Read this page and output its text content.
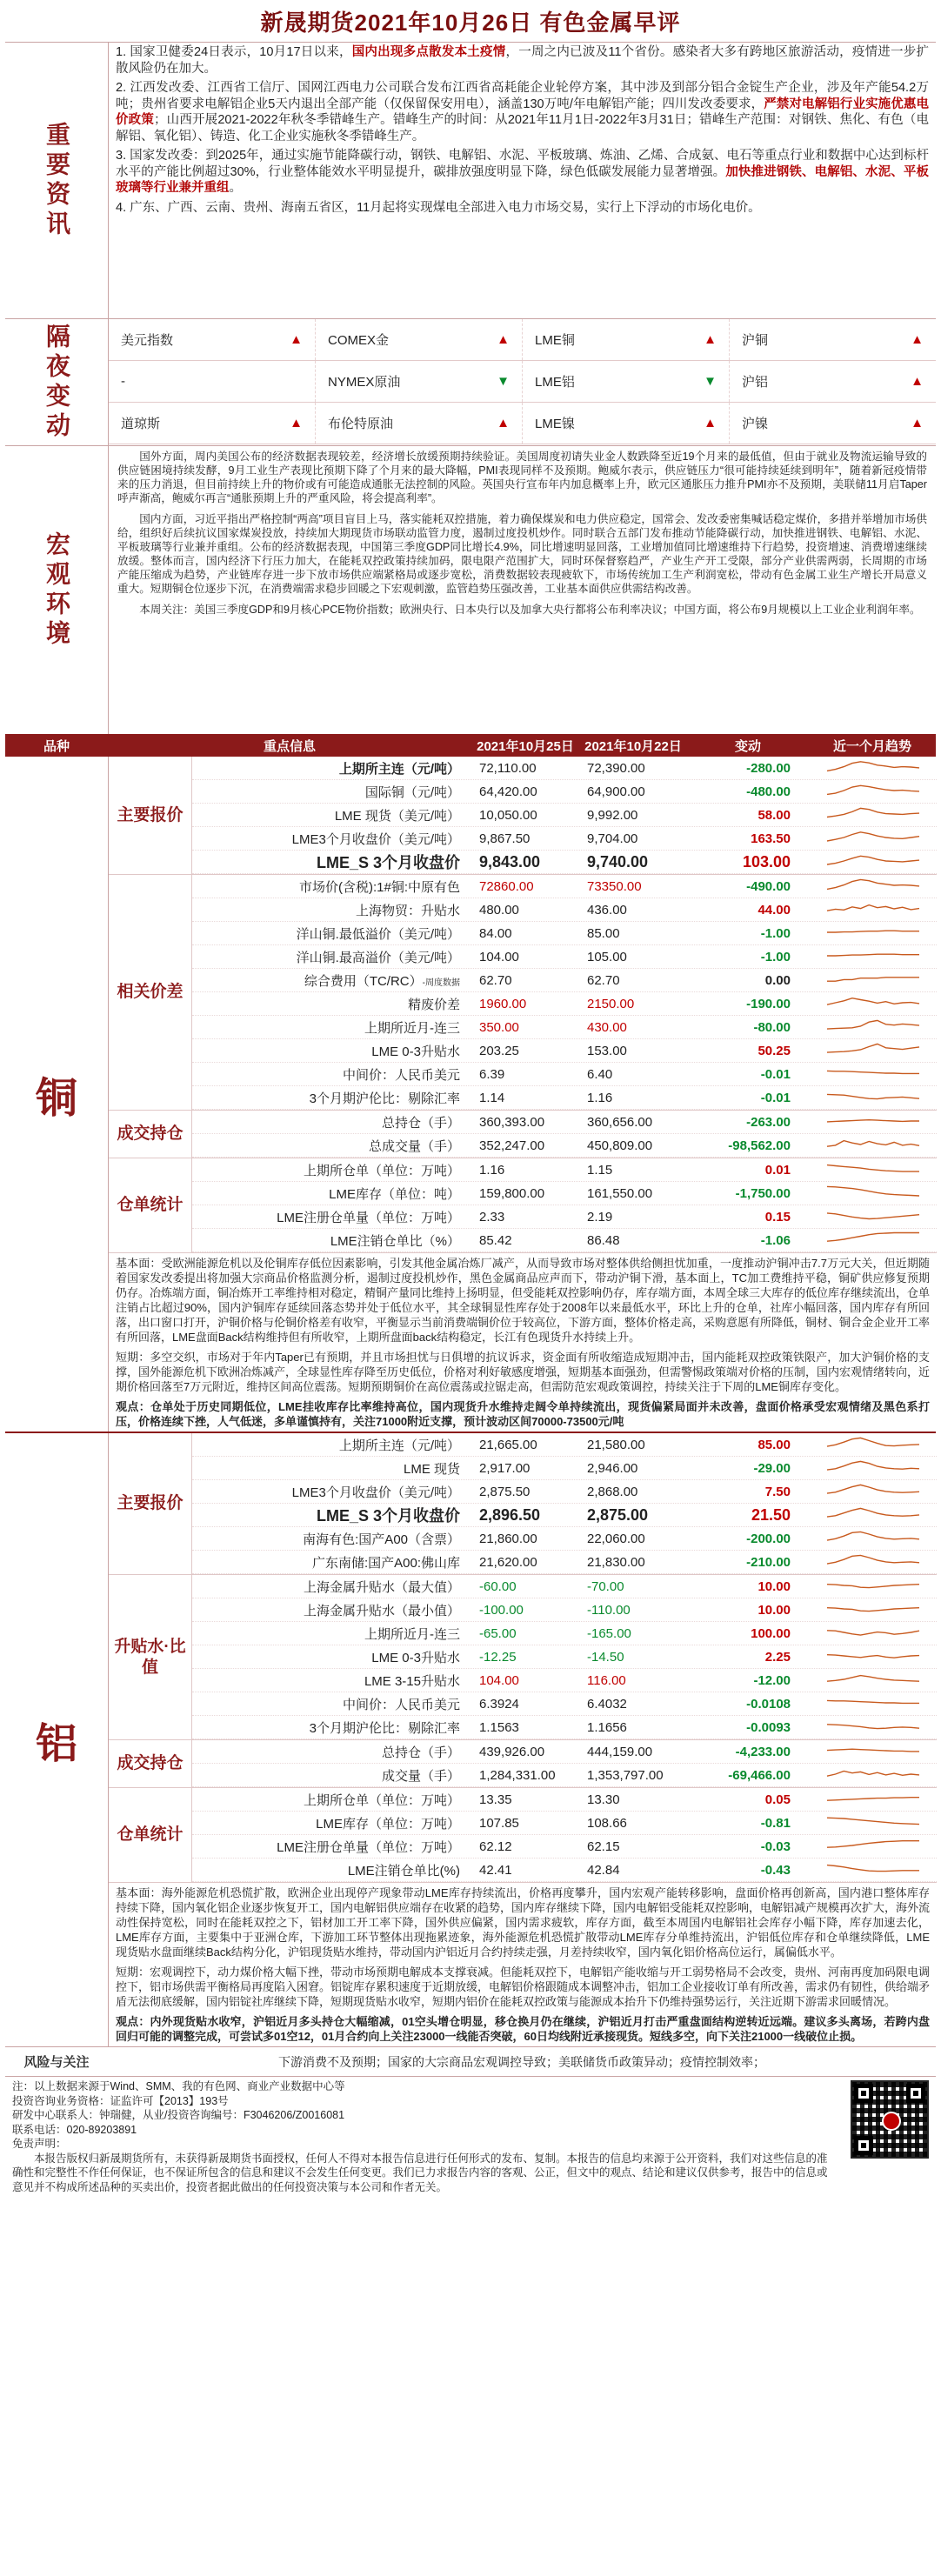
新晟期货2021年10月26日 有色金属早评
重要资讯

1. 国家卫健委24日表示，10月17日以来，国内出现多点散发本土疫情，一周之内已波及11个省份。感染者大多有跨地区旅游活动，疫情进一步扩散风险仍在加大。

2. 江西发改委、江西省工信厅、国网江西电力公司联合发布江西省高耗能企业轮停方案，其中涉及到部分铝合金锭生产企业，涉及年产能54.2万吨；贵州省要求电解铝企业5天内退出全部产能（仅保留保安用电），涵盖130万吨/年电解铝产能；四川发改委要求，严禁对电解铝行业实施优惠电价政策；山西开展2021-2022年秋冬季错峰生产。错峰生产的时间：从2021年11月1日-2022年3月31日；错峰生产范围：对钢铁、焦化、有色（电解铝、氧化铝）、铸造、化工企业实施秋冬季错峰生产。

3. 国家发改委：到2025年，通过实施节能降碳行动，钢铁、电解铝、水泥、平板玻璃、炼油、乙烯、合成氨、电石等重点行业和数据中心达到标杆水平的产能比例超过30%，行业整体能效水平明显提升，碳排放强度明显下降，绿色低碳发展能力显著增强。加快推进钢铁、电解铝、水泥、平板玻璃等行业兼并重组。

4. 广东、广西、云南、贵州、海南五省区，11月起将实现煤电全部进入电力市场交易，实行上下浮动的市场化电价。

隔夜变动	美元指数	▲ COMEX金	▲ LME铜	▲ 沪铜	▲
-	NYMEX原油	▼ LME铝	▼ 沪铝	▲
道琼斯	▲ 布伦特原油	▲ LME镍	▲ 沪镍	▲
宏观环境

国外方面，周内美国公布的经济数据表现较差，经济增长放缓预期持续验证。美国周度初请失业金人数跌降至近19个月来的最低值，但由于就业及物流运输导致的供应链困境持续发酵，9月工业生产表现比预期下降了个月来的最大降幅，PMI表现同样不及预期。鲍威尔表示，供应链压力“很可能持续延续到明年”，随着新冠疫情带来的压力消退，但目前持续上升的物价或有可能造成通胀无法控制的风险。英国央行宣布年内加息概率上升，欧元区通胀压力推升PMI亦不及预期，美联储11月启Taper呼声渐高，鲍威尔再言“通胀预期上升的严重风险，将会提高利率”。

国内方面，习近平指出严格控制“两高”项目盲目上马，落实能耗双控措施，着力确保煤炭和电力供应稳定，国常会、发改委密集喊话稳定煤价，多措并举增加市场供给，组织好后续抗议国家煤炭投放，持续加大期现货市场联动监管力度，遏制过度投机炒作。同时联合五部门发布推动节能降碳行动，加快推进钢铁、电解铝、水泥、平板玻璃等行业兼并重组。公布的经济数据表现，中国第三季度GDP同比增长4.9%，同比增速明显回落，工业增加值同比增速维持下行趋势，投资增速、消费增速继续放缓。整体而言，国内经济下行压力加大，在能耗双控政策持续加码，限电限产范围扩大，同时环保督察趋严，产业生产开工受限，部分产业供需两弱，长周期的市场产能压缩成为趋势，产业链库存进一步下放市场供应端紧格局或逐步宽松，消费数据较表现疲软下，市场传统加工生产利润宽松，带动有色金属工业生产增长开局意义重大。短期铜仓位逐步下沉，在消费端需求稳步回暖之下宏观刺激，监管趋势压强改善，工业基本面供应供需结构改善。

本周关注：美国三季度GDP和9月核心PCE物价指数；欧洲央行、日本央行以及加拿大央行都将公布利率决议；中国方面，将公布9月规模以上工业企业利润年率。

品种	重点信息	2021年10月25日 2021年10月22日	变动	近一个月趋势
铜
主要报价
上期所主连（元/吨）	72,110.00	72,390.00	-280.00
国际铜（元/吨）	64,420.00	64,900.00	-480.00
LME 现货（美元/吨）	10,050.00	9,992.00	58.00
LME3个月收盘价（美元/吨）	9,867.50	9,704.00	163.50
LME_S 3个月收盘价	9,843.00	9,740.00	103.00
相关价差
市场价(含税):1#铜:中原有色	72860.00	73350.00	-490.00
上海物贸：升贴水	480.00	436.00	44.00
洋山铜.最低溢价（美元/吨）	84.00	85.00	-1.00
洋山铜.最高溢价（美元/吨）	104.00	105.00	-1.00
综合费用（TC/RC）-周度数据	62.70	62.70	0.00
精废价差	1960.00	2150.00	-190.00
上期所近月-连三	350.00	430.00	-80.00
LME 0-3升贴水	203.25	153.00	50.25
中间价：人民币美元	6.39	6.40	-0.01
3个月期沪伦比：剔除汇率	1.14	1.16	-0.01
成交持仓
总持仓（手）	360,393.00	360,656.00	-263.00
总成交量（手）	352,247.00	450,809.00	-98,562.00
仓单统计
上期所仓单（单位：万吨）	1.16	1.15	0.01
LME库存（单位：吨）	159,800.00	161,550.00	-1,750.00
LME注册仓单量（单位：万吨）	2.33	2.19	0.15
LME注销仓单比（%）	85.42	86.48	-1.06
基本面：受欧洲能源危机以及伦铜库存低位因素影响，引发其他金属冶炼厂减产，从而导致市场对整体供给侧担忧加重，一度推动沪铜冲击7.7万元大关，但近期随着国家发改委提出将加强大宗商品价格监测分析，遏制过度投机炒作，黑色金属商品应声而下，带动沪铜下滑，基本面上，TC加工费维持平稳，铜矿供应修复预期仍存。冶炼端方面，铜冶炼开工率维持相对稳定，精铜产量同比维持上扬明显，但受能耗双控影响仍存，库存端方面，本周全球三大库存的低位库存继续流出，仓单注销占比超过90%，国内沪铜库存延续回落态势并处于低位水平，其全球铜显性库存处于2008年以来最低水平，环比上升的仓单，社库小幅回落，国内库存有所回落，出口窗口打开，沪铜价格与伦铜价格差有收窄，平衡显示当前消费端铜价位于较高位，下游方面，整体价格走高，采购意愿有所降低，铜材、铜合金企业开工率有所回落，LME盘面Back结构维持但有所收窄，上期所盘面back结构稳定，长江有色现货升水持续上升。
短期：多空交织，市场对于年内Taper已有预期，并且市场担忧与日俱增的抗议诉求，资金面有所收缩造成短期冲击，国内能耗双控政策铁限产，加大沪铜价格的支撑，国外能源危机下欧洲冶炼减产，全球显性库存降至历史低位，价格对利好敏感度增强，短期基本面强劲，但需警惕政策端对价格的压制，国内宏观情绪转向，近期价格回落至7万元附近，维持区间高位震荡。短期预期铜价在高位震荡或拉锯走高，但需防范宏观政策调控，持续关注于下周的LME铜库存变化。
观点：仓单处于历史同期低位，LME挂收库存比率维持高位，国内现货升水维持走阔令单持续流出，现货偏紧局面并未改善，盘面价格承受宏观情绪及黑色系打压，价格连续下挫，人气低迷，多单谨慎持有，关注71000附近支撑，预计波动区间70000-73500元/吨
铝
主要报价
上期所主连（元/吨）	21,665.00	21,580.00	85.00
LME 现货	2,917.00	2,946.00	-29.00
LME3个月收盘价（美元/吨）	2,875.50	2,868.00	7.50
LME_S 3个月收盘价	2,896.50	2,875.00	21.50
南海有色:国产A00（含票）	21,860.00	22,060.00	-200.00
广东南储:国产A00:佛山库	21,620.00	21,830.00	-210.00
升贴水·比值
上海金属升贴水（最大值）	-60.00	-70.00	10.00
上海金属升贴水（最小值）	-100.00	-110.00	10.00
上期所近月-连三	-65.00	-165.00	100.00
LME 0-3升贴水	-12.25	-14.50	2.25
LME 3-15升贴水	104.00	116.00	-12.00
中间价：人民币美元	6.3924	6.4032	-0.0108
3个月期沪伦比：剔除汇率	1.1563	1.1656	-0.0093
成交持仓
总持仓（手）	439,926.00	444,159.00	-4,233.00
成交量（手）	1,284,331.00	1,353,797.00	-69,466.00
仓单统计
上期所仓单（单位：万吨）	13.35	13.30	0.05
LME库存（单位：万吨）	107.85	108.66	-0.81
LME注册仓单量（单位：万吨）	62.12	62.15	-0.03
LME注销仓单比(%)	42.41	42.84	-0.43
基本面：海外能源危机恐慌扩散，欧洲企业出现停产现象带动LME库存持续流出，价格再度攀升，国内宏观产能转移影响，盘面价格再创新高，国内港口整体库存持续下降，国内氧化铝企业逐步恢复开工，国内电解铝供应端存在收紧的趋势，国内库存继续下降，国内电解铝受能耗双控影响，电解铝减产规模再次扩大，海外流动性保持宽松，同时在能耗双控之下，铝材加工开工率下降，国外供应偏紧，国内需求疲软，库存方面，截至本周国内电解铝社会库存小幅下降，库存加速去化，LME库存方面，主要集中于亚洲仓库，下游加工环节整体出现拖累迹象，海外能源危机恐慌扩散带动LME库存分单维持流出，沪铝低位库存和仓单继续降低，LME现货贴水盘面继续Back结构分化，沪铝现货贴水维持，带动国内沪铝近月合约持续走强，月差持续收窄，国内氧化铝价格高位运行，属偏低水平。
短期：宏观调控下，动力煤价格大幅下挫，带动市场预期电解成本支撑衰减。但能耗双控下，电解铝产能收缩与开工弱势格局不会改变，贵州、河南再度加码限电调控下，铝市场供需平衡格局再度陷入困窘。铝锭库存累积速度于近期放缓，电解铝价格跟随成本调整冲击，铝加工企业接收订单有所改善，需求仍有韧性，供给端矛盾无法彻底缓解，国内铝锭社库继续下降，短期现货贴水收窄，短期内铝价在能耗双控政策与能源成本抬升下仍维持强势运行，关注近期下游需求回暖情况。
观点：内外现货贴水收窄，沪铝近月多头持仓大幅缩减，01空头增仓明显，移仓换月仍在继续，沪铝近月打击严重盘面结构逆转近远端。建议多头离场，若跨内盘回归可能的调整完成，可尝试多01空12，01月合约向上关注23000一线能否突破，60日均线附近承接现货。短线多空，向下关注21000一线破位止损。
风险与关注	下游消费不及预期；国家的大宗商品宏观调控导致；美联储货币政策异动；疫情控制效率；
注：以上数据来源于Wind、SMM、我的有色网、商业产业数据中心等
投资咨询业务资格：证监许可【2013】193号
研发中心联系人：钟瑞健，从业/投资咨询编号：F3046206/Z0016081
联系电话：020-89203891
免责声明：
本报告版权归新晟期货所有，未获得新晟期货书面授权，任何人不得对本报告信息进行任何形式的发布、复制。本报告的信息均来源于公开资料，我们对这些信息的准确性和完整性不作任何保证，也不保证所包含的信息和建议不会发生任何变更。我们已力求报告内容的客观、公正，但文中的观点、结论和建议仅供参考，报告中的信息或意见并不构成所述品种的买卖出价，投资者据此做出的任何投资决策与本公司和作者无关。
